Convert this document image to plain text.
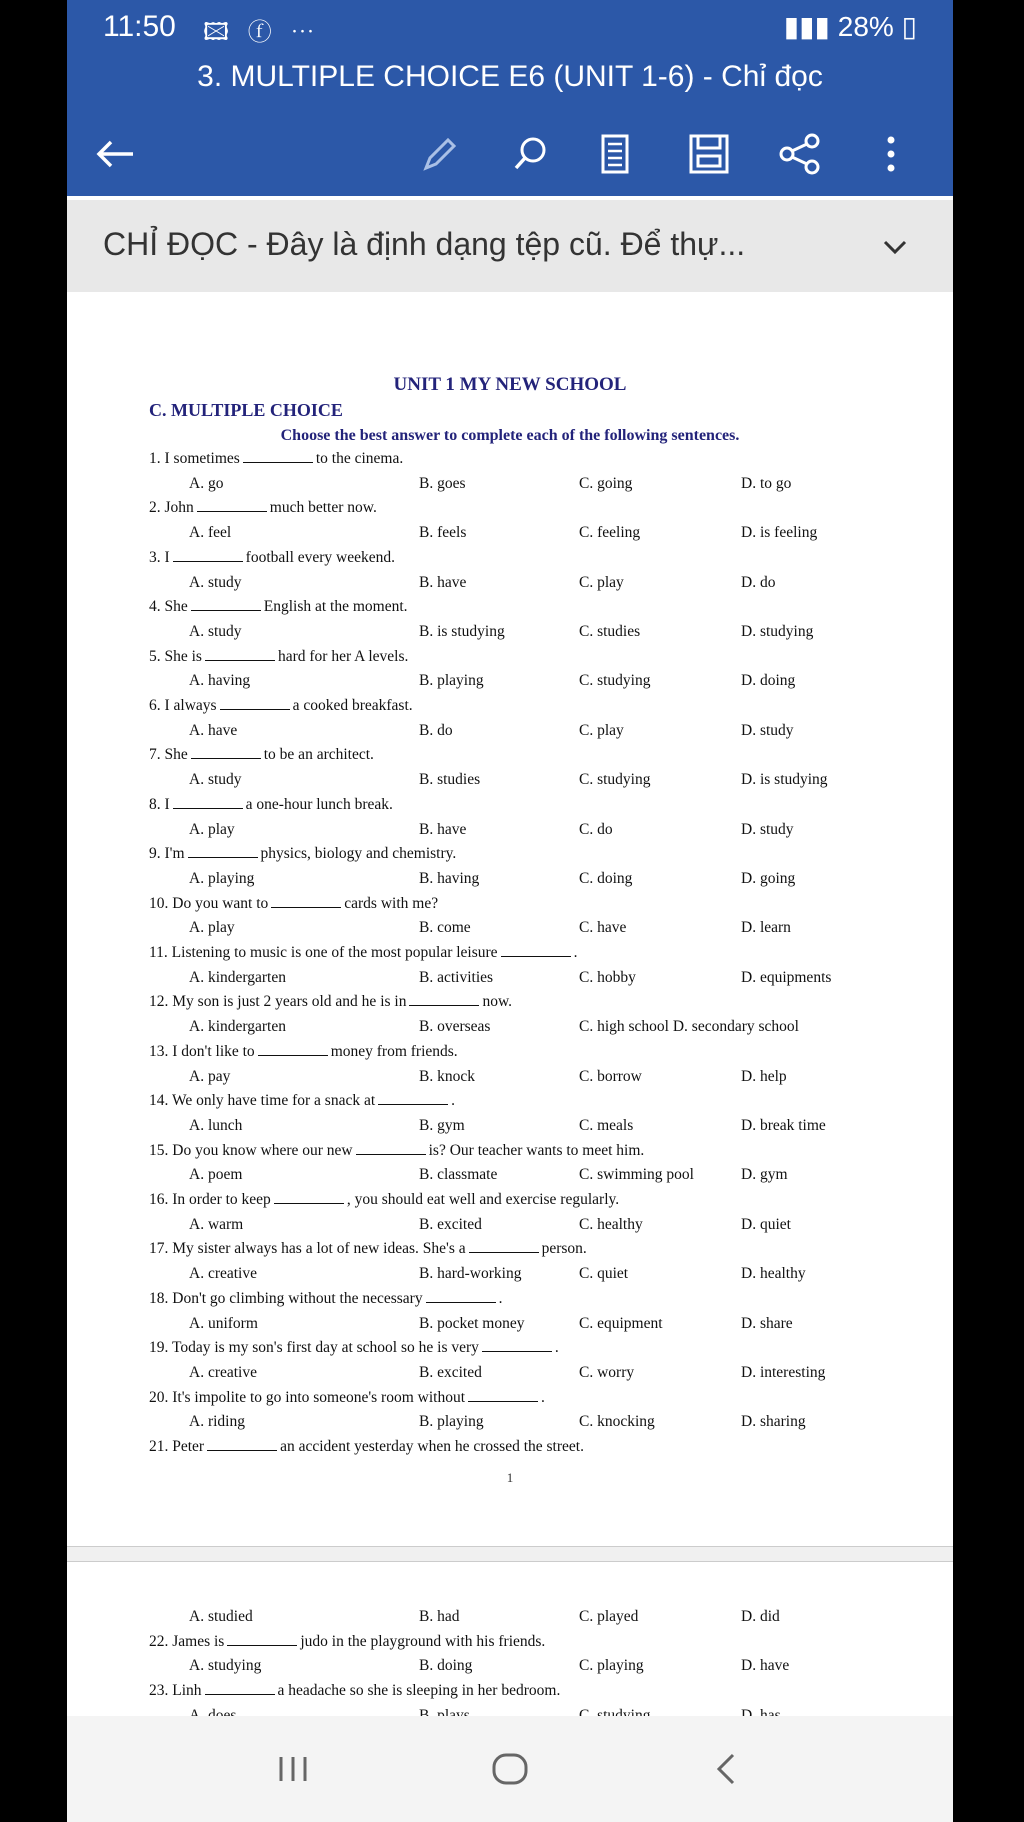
11:50 🖾 ⓕ ⋯	▮▮▮ 28% ▯
3. MULTIPLE CHOICE E6 (UNIT 1-6) - Chỉ đọc
CHỈ ĐỌC - Đây là định dạng tệp cũ. Để thự...
UNIT 1 MY NEW SCHOOL
C. MULTIPLE CHOICE
Choose the best answer to complete each of the following sentences.
1. I sometimes	to the cinema.
A. go	B. goes	C. going	D. to go
2. John	much better now.
A. feel	B. feels	C. feeling	D. is feeling
3. I	football every weekend.
A. study	B. have	C. play	D. do
4. She	English at the moment.
A. study	B. is studying	C. studies	D. studying
5. She is	hard for her A levels.
A. having	B. playing	C. studying	D. doing
6. I always	a cooked breakfast.
A. have	B. do	C. play	D. study
7. She	to be an architect.
A. study	B. studies	C. studying	D. is studying
8. I	a one-hour lunch break.
A. play	B. have	C. do	D. study
9. I'm	physics, biology and chemistry.
A. playing	B. having	C. doing	D. going
10. Do you want to	cards with me?
A. play	B. come	C. have	D. learn
11. Listening to music is one of the most popular leisure	.
A. kindergarten	B. activities	C. hobby	D. equipments
12. My son is just 2 years old and he is in	now.
A. kindergarten	B. overseas	C. high school D. secondary school
13. I don't like to	money from friends.
A. pay	B. knock	C. borrow	D. help
14. We only have time for a snack at	.
A. lunch	B. gym	C. meals	D. break time
15. Do you know where our new	is? Our teacher wants to meet him.
A. poem	B. classmate	C. swimming pool	D. gym
16. In order to keep	, you should eat well and exercise regularly.
A. warm	B. excited	C. healthy	D. quiet
17. My sister always has a lot of new ideas. She's a	person.
A. creative	B. hard-working	C. quiet	D. healthy
18. Don't go climbing without the necessary	.
A. uniform	B. pocket money	C. equipment	D. share
19. Today is my son's first day at school so he is very	.
A. creative	B. excited	C. worry	D. interesting
20. It's impolite to go into someone's room without	.
A. riding	B. playing	C. knocking	D. sharing
21. Peter	an accident yesterday when he crossed the street.
1
A. studied	B. had	C. played	D. did
22. James is	judo in the playground with his friends.
A. studying	B. doing	C. playing	D. have
23. Linh	a headache so she is sleeping in her bedroom.
